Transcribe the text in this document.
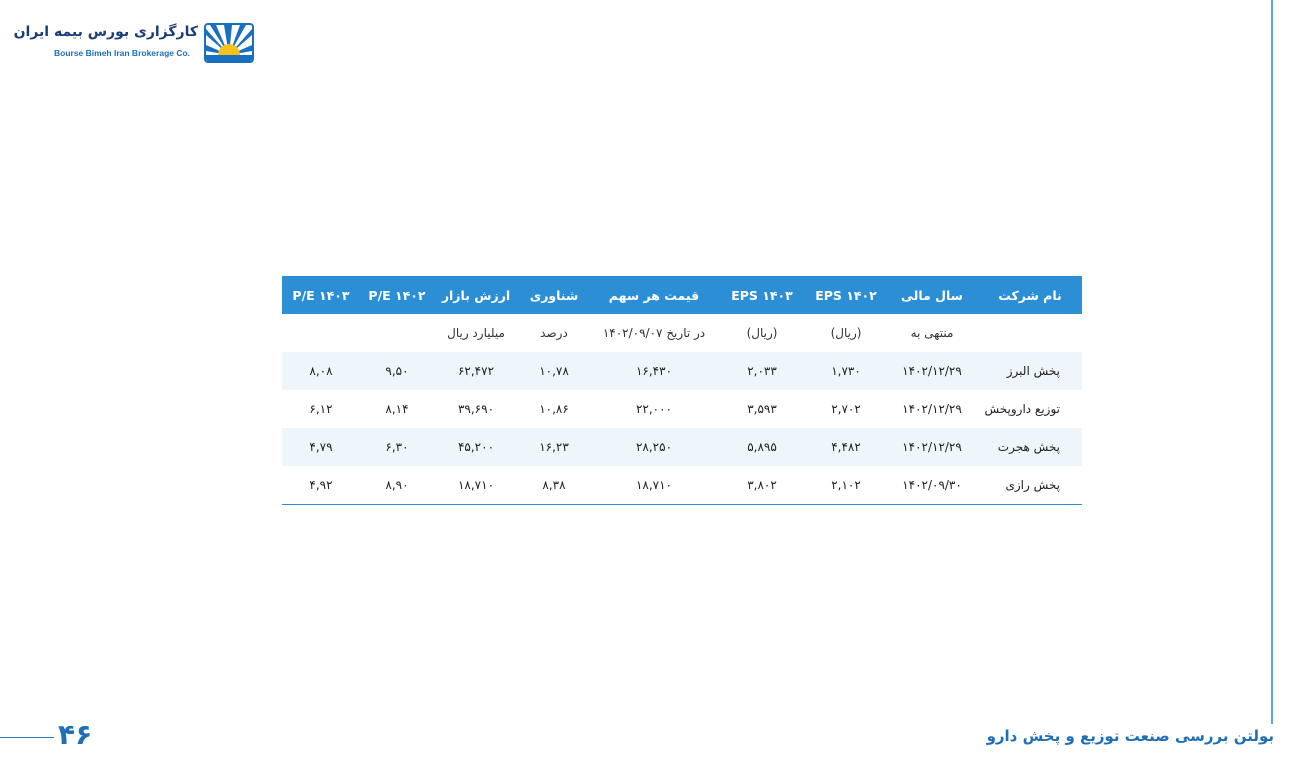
کارگزاری بورس بیمه ایران
Bourse Bimeh Iran Brokerage Co.
نام شرکت	سال مالی	EPS ۱۴۰۲	EPS ۱۴۰۳	قیمت هر سهم	شناوری	ارزش بازار	P/E ۱۴۰۲	P/E ۱۴۰۳
	منتهی به	(ریال)	(ریال)	در تاریخ ۱۴۰۲/۰۹/۰۷	درصد	میلیارد ریال		
پخش البرز	۱۴۰۲/۱۲/۲۹	۱,۷۳۰	۲,۰۳۳	۱۶,۴۳۰	۱۰,۷۸	۶۲,۴۷۲	۹,۵۰	۸,۰۸
توزیع داروپخش	۱۴۰۲/۱۲/۲۹	۲,۷۰۲	۳,۵۹۳	۲۲,۰۰۰	۱۰,۸۶	۳۹,۶۹۰	۸,۱۴	۶,۱۲
پخش هجرت	۱۴۰۲/۱۲/۲۹	۴,۴۸۲	۵,۸۹۵	۲۸,۲۵۰	۱۶,۲۳	۴۵,۲۰۰	۶,۳۰	۴,۷۹
پخش رازی	۱۴۰۲/۰۹/۳۰	۲,۱۰۲	۳,۸۰۲	۱۸,۷۱۰	۸,۳۸	۱۸,۷۱۰	۸,۹۰	۴,۹۲
۴۶	بولتن بررسی صنعت توزیع و پخش دارو
